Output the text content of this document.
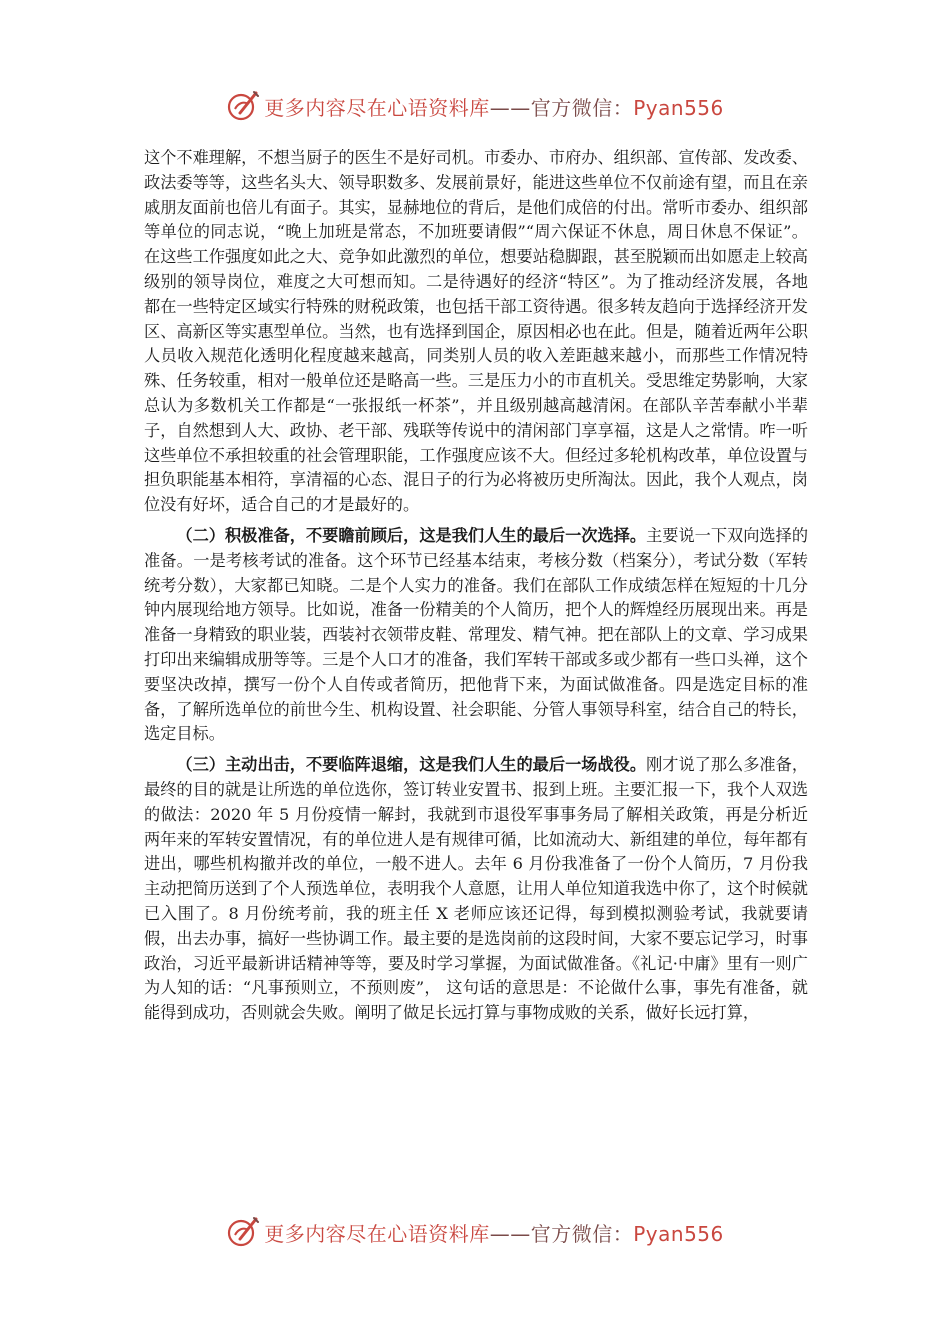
更多内容尽在心语资料库——官方微信：Pyan556

这个不难理解，不想当厨子的医生不是好司机。市委办、市府办、组织部、宣传部、发改委、政法委等等，这些名头大、领导职数多、发展前景好，能进这些单位不仅前途有望，而且在亲戚朋友面前也倍儿有面子。其实，显赫地位的背后，是他们成倍的付出。常听市委办、组织部等单位的同志说，“晚上加班是常态，不加班要请假”“周六保证不休息，周日休息不保证”。在这些工作强度如此之大、竞争如此激烈的单位，想要站稳脚跟，甚至脱颖而出如愿走上较高级别的领导岗位，难度之大可想而知。二是待遇好的经济“特区”。为了推动经济发展，各地都在一些特定区域实行特殊的财税政策，也包括干部工资待遇。很多转友趋向于选择经济开发区、高新区等实惠型单位。当然，也有选择到国企，原因相必也在此。但是，随着近两年公职人员收入规范化透明化程度越来越高，同类别人员的收入差距越来越小，而那些工作情况特殊、任务较重，相对一般单位还是略高一些。三是压力小的市直机关。受思维定势影响，大家总认为多数机关工作都是“一张报纸一杯茶”，并且级别越高越清闲。在部队辛苦奉献小半辈子，自然想到人大、政协、老干部、残联等传说中的清闲部门享享福，这是人之常情。咋一听这些单位不承担较重的社会管理职能，工作强度应该不大。但经过多轮机构改革，单位设置与担负职能基本相符，享清福的心态、混日子的行为必将被历史所淘汰。因此，我个人观点，岗位没有好坏，适合自己的才是最好的。

（二）积极准备，不要瞻前顾后，这是我们人生的最后一次选择。主要说一下双向选择的准备。一是考核考试的准备。这个环节已经基本结束，考核分数（档案分），考试分数（军转统考分数），大家都已知晓。二是个人实力的准备。我们在部队工作成绩怎样在短短的十几分钟内展现给地方领导。比如说，准备一份精美的个人简历，把个人的辉煌经历展现出来。再是准备一身精致的职业装，西装衬衣领带皮鞋、常理发、精气神。把在部队上的文章、学习成果打印出来编辑成册等等。三是个人口才的准备，我们军转干部或多或少都有一些口头禅，这个要坚决改掉，撰写一份个人自传或者简历，把他背下来，为面试做准备。四是选定目标的准备，了解所选单位的前世今生、机构设置、社会职能、分管人事领导科室，结合自己的特长，选定目标。

（三）主动出击，不要临阵退缩，这是我们人生的最后一场战役。刚才说了那么多准备，最终的目的就是让所选的单位选你，签订转业安置书、报到上班。主要汇报一下，我个人双选的做法：2020 年 5 月份疫情一解封，我就到市退役军事事务局了解相关政策，再是分析近两年来的军转安置情况，有的单位进人是有规律可循，比如流动大、新组建的单位，每年都有进出，哪些机构撤并改的单位，一般不进人。去年 6 月份我准备了一份个人简历，7 月份我主动把简历送到了个人预选单位，表明我个人意愿，让用人单位知道我选中你了，这个时候就已入围了。8 月份统考前，我的班主任 X 老师应该还记得，每到模拟测验考试，我就要请假，出去办事，搞好一些协调工作。最主要的是选岗前的这段时间，大家不要忘记学习，时事政治，习近平最新讲话精神等等，要及时学习掌握，为面试做准备。《礼记·中庸》里有一则广为人知的话：“凡事预则立，不预则废”， 这句话的意思是：不论做什么事，事先有准备，就能得到成功，否则就会失败。阐明了做足长远打算与事物成败的关系，做好长远打算，

更多内容尽在心语资料库——官方微信：Pyan556
